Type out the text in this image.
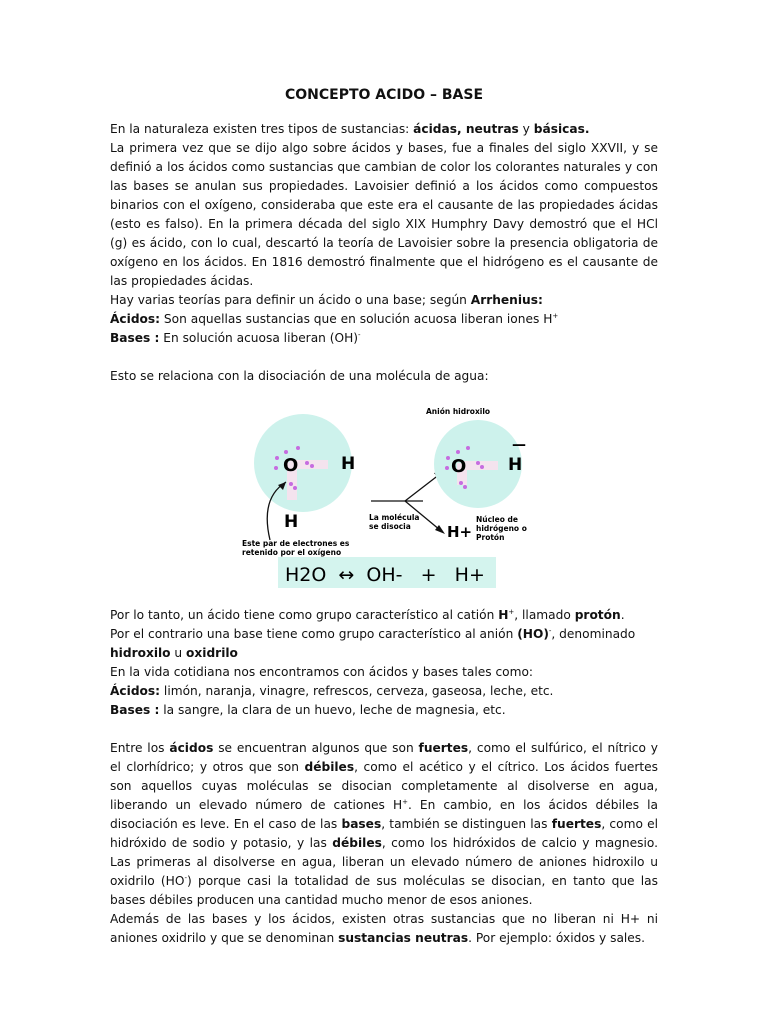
CONCEPTO ACIDO – BASE

En la naturaleza existen tres tipos de sustancias: ácidas, neutras y básicas.

La primera vez que se dijo algo sobre ácidos y bases, fue a finales del siglo XXVII, y se definió a los ácidos como sustancias que cambian de color los colorantes naturales y con las bases se anulan sus propiedades. Lavoisier definió a los ácidos como compuestos binarios con el oxígeno, consideraba que este era el causante de las propiedades ácidas (esto es falso). En la primera década del siglo XIX Humphry Davy demostró que el HCl (g) es ácido, con lo cual, descartó la teoría de Lavoisier sobre la presencia obligatoria de oxígeno en los ácidos. En 1816 demostró finalmente que el hidrógeno es el causante de las propiedades ácidas.

Hay varias teorías para definir un ácido o una base; según Arrhenius:

Ácidos: Son aquellas sustancias que en solución acuosa liberan iones H+

Bases : En solución acuosa liberan (OH)-

Esto se relaciona con la disociación de una molécula de agua:

O	H
H
Este par de electrones es
retenido por el oxígeno
La molécula
se disocia
O H
—
Anión hidroxilo
H+
Núcleo de
hidrógeno o
Protón
H2O  ↔  OH-   +   H+

Por lo tanto, un ácido tiene como grupo característico al catión H+, llamado protón.

Por el contrario una base tiene como grupo característico al anión (HO)-, denominado

hidroxilo u oxidrilo

En la vida cotidiana nos encontramos con ácidos y bases tales como:

Ácidos: limón, naranja, vinagre, refrescos, cerveza, gaseosa, leche, etc.

Bases : la sangre, la clara de un huevo, leche de magnesia, etc.

Entre los ácidos se encuentran algunos que son fuertes, como el sulfúrico, el nítrico y el clorhídrico; y otros que son débiles, como el acético y el cítrico. Los ácidos fuertes son aquellos cuyas moléculas se disocian completamente al disolverse en agua, liberando un elevado número de cationes H+. En cambio, en los ácidos débiles la disociación es leve. En el caso de las bases, también se distinguen las fuertes, como el hidróxido de sodio y potasio, y las débiles, como los hidróxidos de calcio y magnesio. Las primeras al disolverse en agua, liberan un elevado número de aniones hidroxilo u oxidrilo (HO-) porque casi la totalidad de sus moléculas se disocian, en tanto que las bases débiles producen una cantidad mucho menor de esos aniones.

Además de las bases y los ácidos, existen otras sustancias que no liberan ni H+ ni aniones oxidrilo y que se denominan sustancias neutras. Por ejemplo: óxidos y sales.
